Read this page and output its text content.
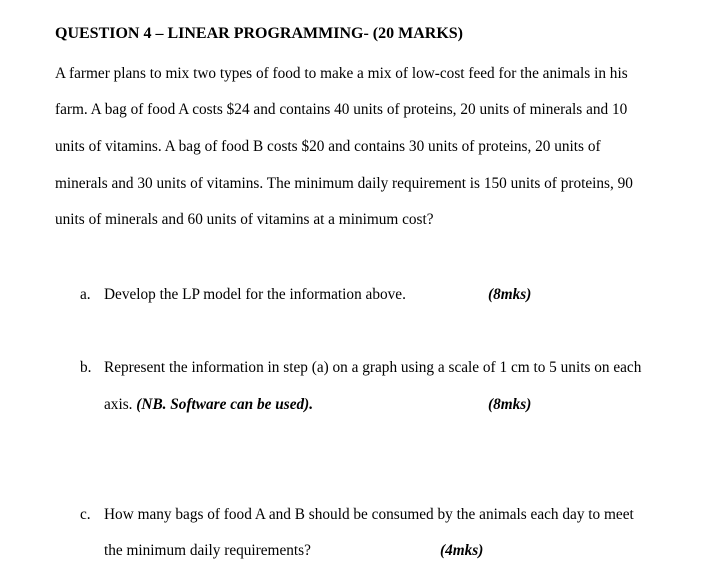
QUESTION 4 – LINEAR PROGRAMMING- (20 MARKS)
A farmer plans to mix two types of food to make a mix of low-cost feed for the animals in his
farm. A bag of food A costs $24 and contains 40 units of proteins, 20 units of minerals and 10
units of vitamins. A bag of food B costs $20 and contains 30 units of proteins, 20 units of
minerals and 30 units of vitamins. The minimum daily requirement is 150 units of proteins, 90
units of minerals and 60 units of vitamins at a minimum cost?
a. Develop the LP model for the information above.	(8mks)
b. Represent the information in step (a) on a graph using a scale of 1 cm to 5 units on each
axis. (NB. Software can be used).	(8mks)
c. How many bags of food A and B should be consumed by the animals each day to meet
the minimum daily requirements?	(4mks)
